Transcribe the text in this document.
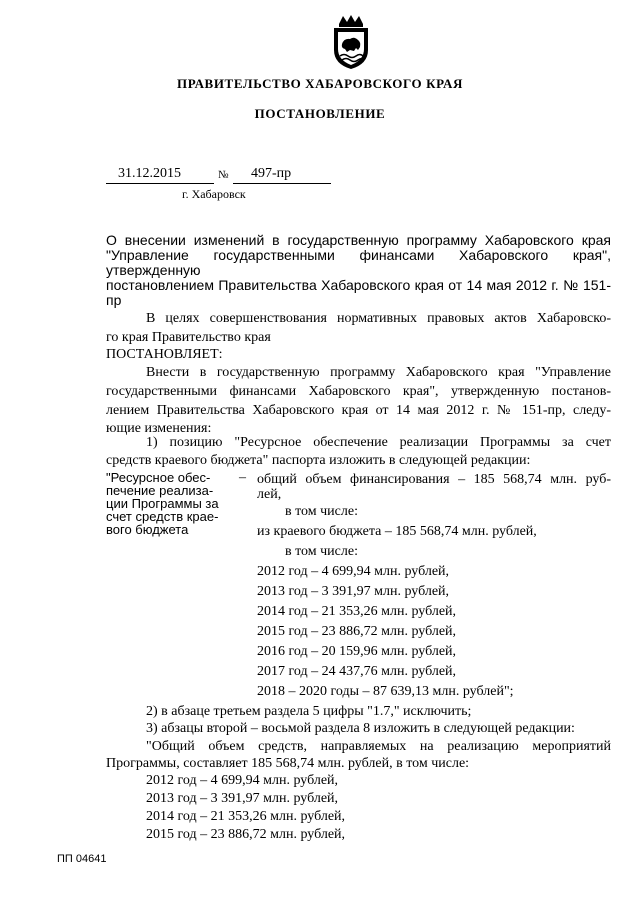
ПРАВИТЕЛЬСТВО ХАБАРОВСКОГО КРАЯ
ПОСТАНОВЛЕНИЕ
31.12.2015	№ 497-пр
г. Хабаровск
О внесении изменений в государственную программу Хабаровского края
"Управление государственными финансами Хабаровского края", утвержденную
постановлением Правительства Хабаровского края от 14 мая 2012 г. № 151-пр
В целях совершенствования нормативных правовых актов Хабаровско-
го края Правительство края
ПОСТАНОВЛЯЕТ:
Внести в государственную программу Хабаровского края "Управление
государственными финансами Хабаровского края", утвержденную постанов-
лением Правительства Хабаровского края от 14 мая 2012 г. № 151-пр, следу-
ющие изменения:
1) позицию "Ресурсное обеспечение реализации Программы за счет
средств краевого бюджета" паспорта изложить в следующей редакции:
"Ресурсное обес-
печение реализа-
ции Программы за
счет средств крае-
вого бюджета
– общий объем финансирования – 185 568,74 млн. руб-
лей,
в том числе:
из краевого бюджета – 185 568,74 млн. рублей,
в том числе:
2012 год – 4 699,94 млн. рублей,
2013 год – 3 391,97 млн. рублей,
2014 год – 21 353,26 млн. рублей,
2015 год – 23 886,72 млн. рублей,
2016 год – 20 159,96 млн. рублей,
2017 год – 24 437,76 млн. рублей,
2018 – 2020 годы – 87 639,13 млн. рублей";
2) в абзаце третьем раздела 5 цифры "1.7," исключить;
3) абзацы второй – восьмой раздела 8 изложить в следующей редакции:
"Общий объем средств, направляемых на реализацию мероприятий
Программы, составляет 185 568,74 млн. рублей, в том числе:
2012 год – 4 699,94 млн. рублей,
2013 год – 3 391,97 млн. рублей,
2014 год – 21 353,26 млн. рублей,
2015 год – 23 886,72 млн. рублей,
ПП 04641
